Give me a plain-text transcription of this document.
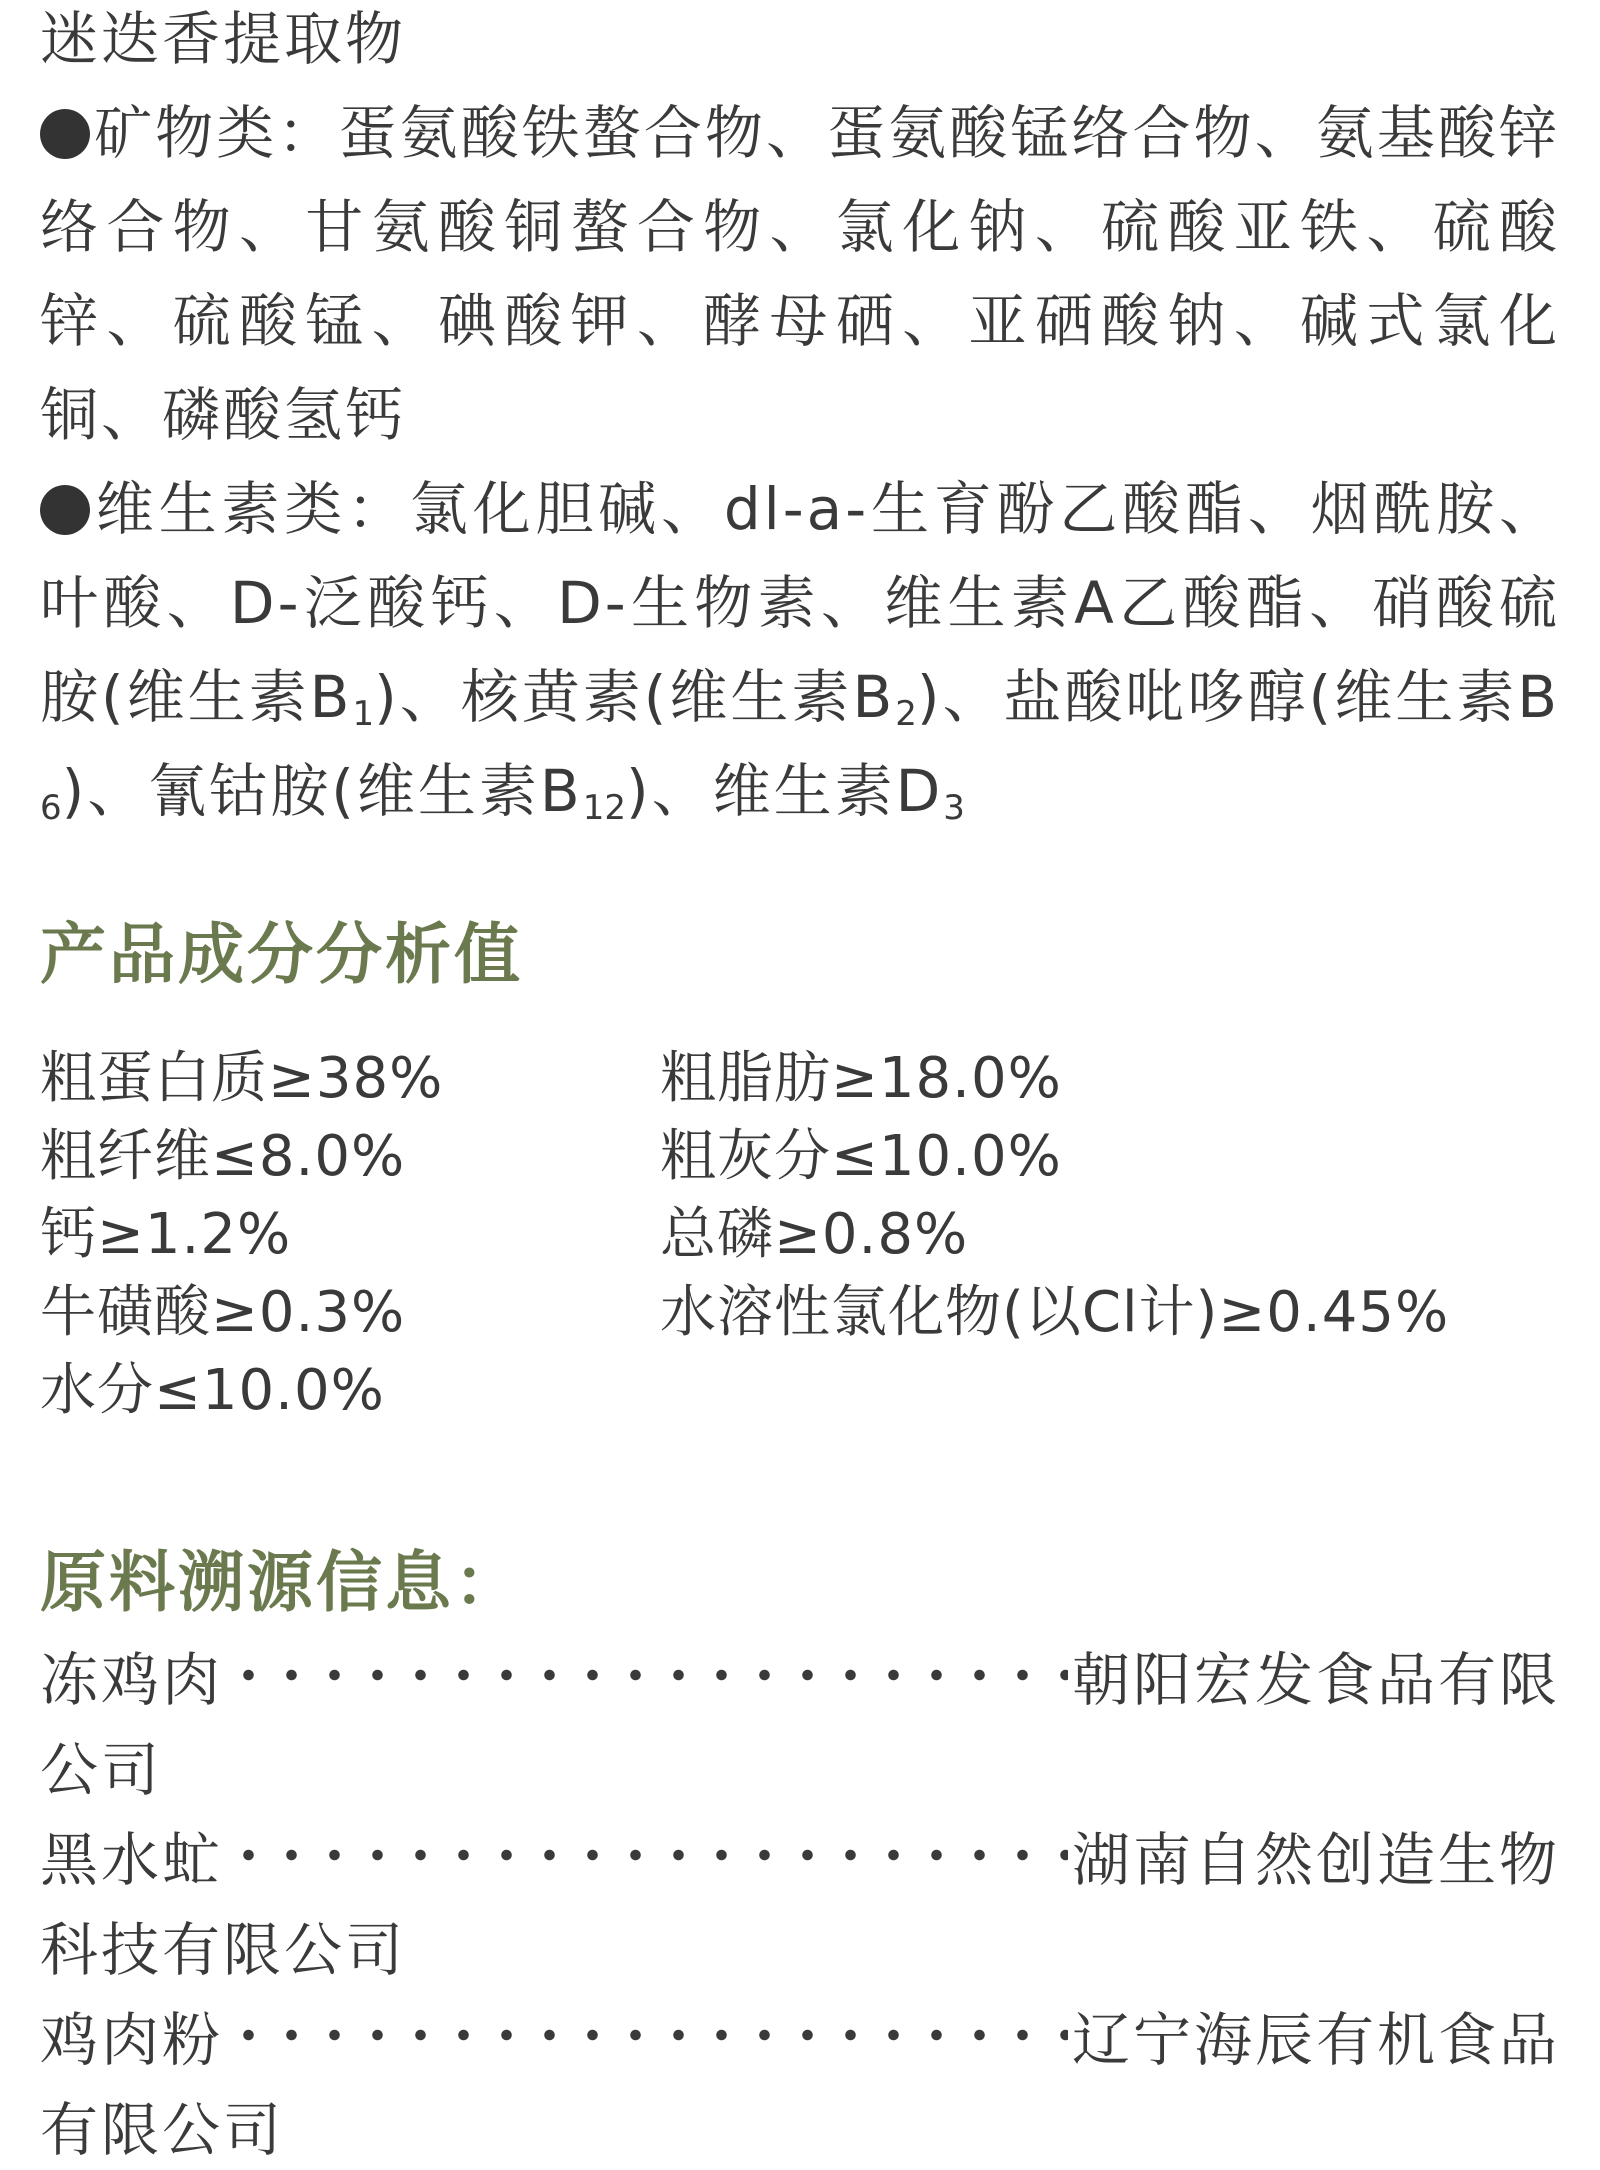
迷迭香提取物

矿物类：蛋氨酸铁螯合物、蛋氨酸锰络合物、氨基酸锌络合物、甘氨酸铜螯合物、氯化钠、硫酸亚铁、硫酸锌、硫酸锰、碘酸钾、酵母硒、亚硒酸钠、碱式氯化铜、磷酸氢钙

维生素类：氯化胆碱、dl-a-生育酚乙酸酯、烟酰胺、叶酸、D-泛酸钙、D-生物素、维生素A乙酸酯、硝酸硫胺(维生素$B_1$)、核黄素(维生素$B_2$)、盐酸吡哆醇(维生素$B_6$)、氰钴胺(维生素$B_{12}$)、维生素$D_3$

产品成分分析值
粗蛋白质≥38%	粗脂肪≥18.0%
粗纤维≤8.0%	粗灰分≤10.0%
钙≥1.2%	总磷≥0.8%
牛磺酸≥0.3%	水溶性氯化物(以Cl计)≥0.45%
水分≤10.0%
原料溯源信息：
冻鸡肉	朝阳宏发食品有限
公司
黑水虻	湖南自然创造生物
科技有限公司
鸡肉粉	辽宁海辰有机食品
有限公司
